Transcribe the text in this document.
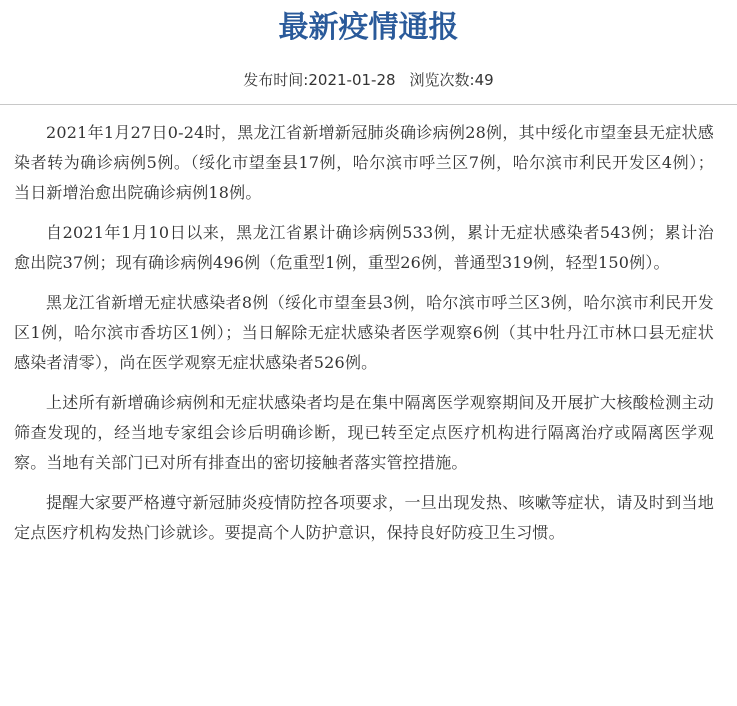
最新疫情通报
发布时间:2021-01-28 浏览次数:49

2021年1月27日0-24时，黑龙江省新增新冠肺炎确诊病例28例，其中绥化市望奎县无症状感染者转为确诊病例5例。（绥化市望奎县17例，哈尔滨市呼兰区7例，哈尔滨市利民开发区4例）；当日新增治愈出院确诊病例18例。

自2021年1月10日以来，黑龙江省累计确诊病例533例，累计无症状感染者543例；累计治愈出院37例；现有确诊病例496例（危重型1例，重型26例，普通型319例，轻型150例）。

黑龙江省新增无症状感染者8例（绥化市望奎县3例，哈尔滨市呼兰区3例，哈尔滨市利民开发区1例，哈尔滨市香坊区1例）；当日解除无症状感染者医学观察6例（其中牡丹江市林口县无症状感染者清零），尚在医学观察无症状感染者526例。

上述所有新增确诊病例和无症状感染者均是在集中隔离医学观察期间及开展扩大核酸检测主动筛查发现的，经当地专家组会诊后明确诊断，现已转至定点医疗机构进行隔离治疗或隔离医学观察。当地有关部门已对所有排查出的密切接触者落实管控措施。

提醒大家要严格遵守新冠肺炎疫情防控各项要求，一旦出现发热、咳嗽等症状，请及时到当地定点医疗机构发热门诊就诊。要提高个人防护意识，保持良好防疫卫生习惯。
